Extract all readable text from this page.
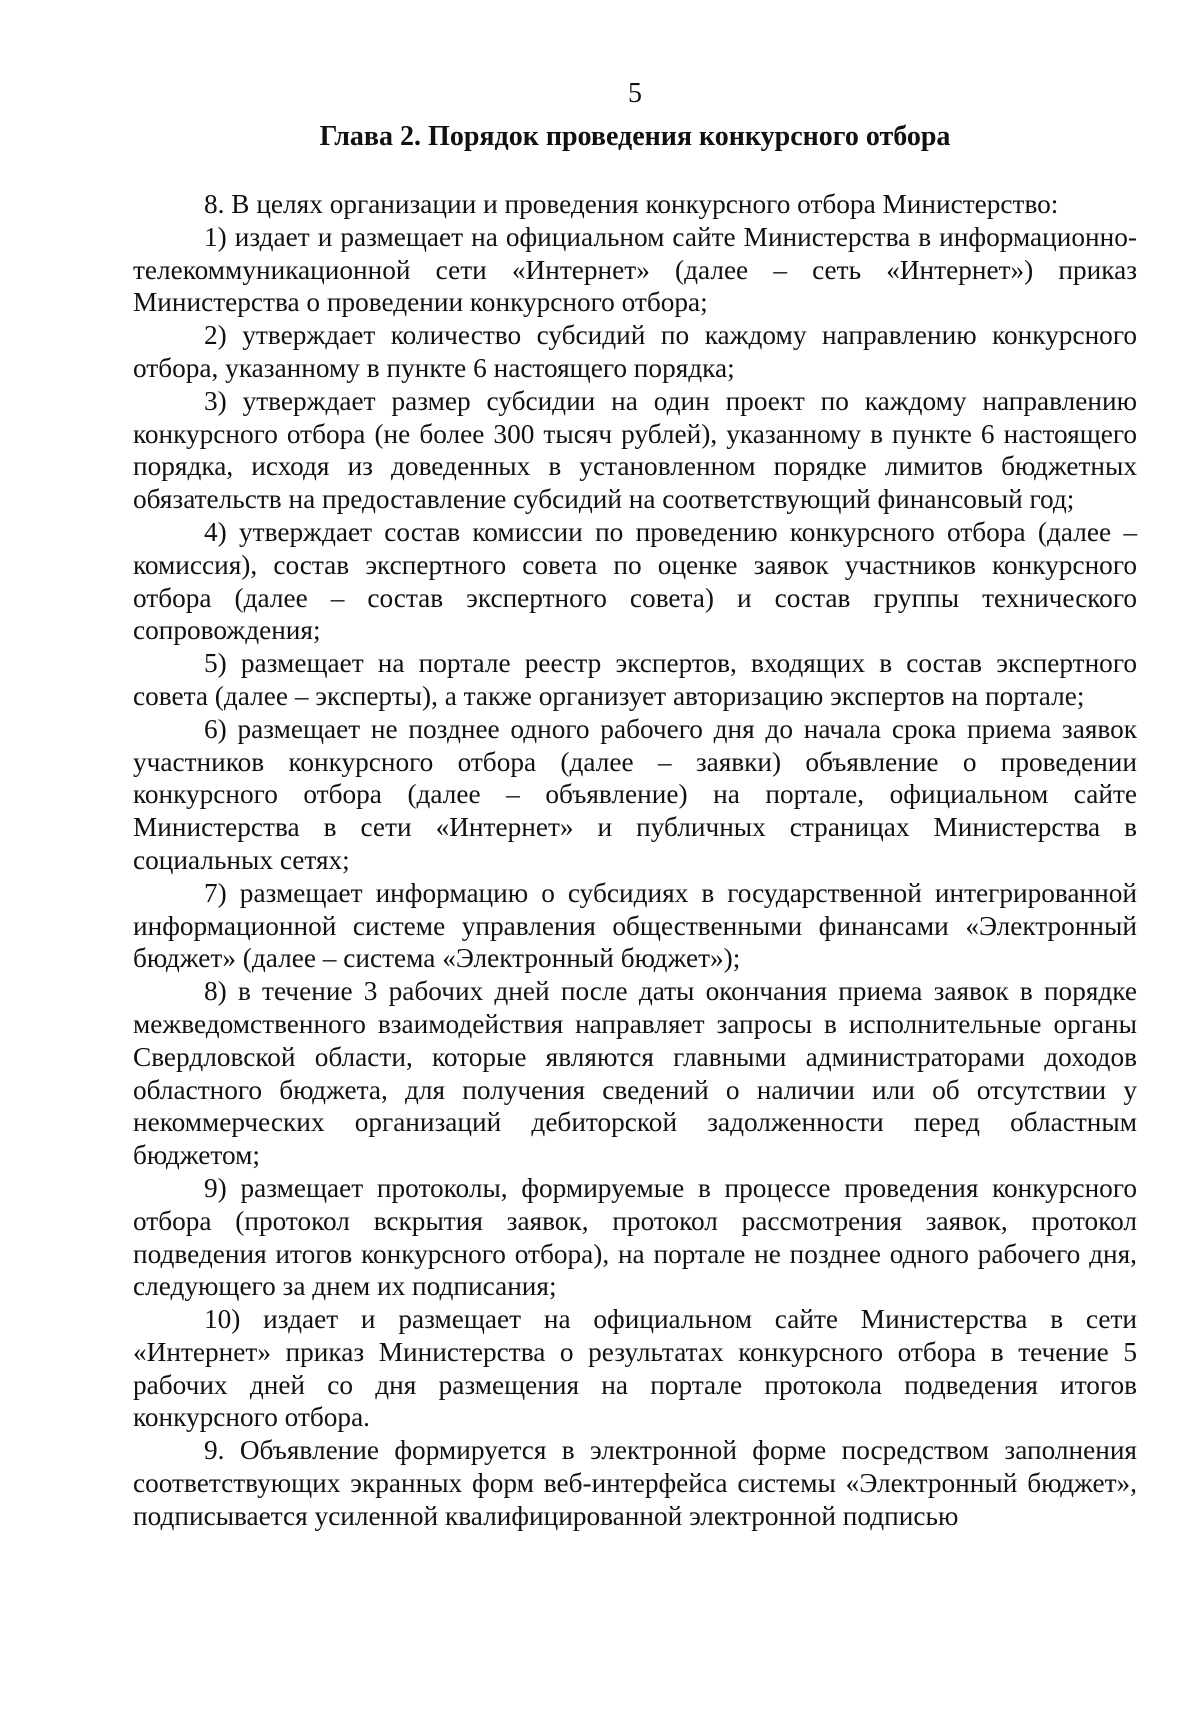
5
Глава 2. Порядок проведения конкурсного отбора

8. В целях организации и проведения конкурсного отбора Министерство:

1) издает и размещает на официальном сайте Министерства в информационно-телекоммуникационной сети «Интернет» (далее – сеть «Интернет») приказ Министерства о проведении конкурсного отбора;

2) утверждает количество субсидий по каждому направлению конкурсного отбора, указанному в пункте 6 настоящего порядка;

3) утверждает размер субсидии на один проект по каждому направлению конкурсного отбора (не более 300 тысяч рублей), указанному в пункте 6 настоящего порядка, исходя из доведенных в установленном порядке лимитов бюджетных обязательств на предоставление субсидий на соответствующий финансовый год;

4) утверждает состав комиссии по проведению конкурсного отбора (далее – комиссия), состав экспертного совета по оценке заявок участников конкурсного отбора (далее – состав экспертного совета) и состав группы технического сопровождения;

5) размещает на портале реестр экспертов, входящих в состав экспертного совета (далее – эксперты), а также организует авторизацию экспертов на портале;

6) размещает не позднее одного рабочего дня до начала срока приема заявок участников конкурсного отбора (далее – заявки) объявление о проведении конкурсного отбора (далее – объявление) на портале, официальном сайте Министерства в сети «Интернет» и публичных страницах Министерства в социальных сетях;

7) размещает информацию о субсидиях в государственной интегрированной информационной системе управления общественными финансами «Электронный бюджет» (далее – система «Электронный бюджет»);

8) в течение 3 рабочих дней после даты окончания приема заявок в порядке межведомственного взаимодействия направляет запросы в исполнительные органы Свердловской области, которые являются главными администраторами доходов областного бюджета, для получения сведений о наличии или об отсутствии у некоммерческих организаций дебиторской задолженности перед областным бюджетом;

9) размещает протоколы, формируемые в процессе проведения конкурсного отбора (протокол вскрытия заявок, протокол рассмотрения заявок, протокол подведения итогов конкурсного отбора), на портале не позднее одного рабочего дня, следующего за днем их подписания;

10) издает и размещает на официальном сайте Министерства в сети «Интернет» приказ Министерства о результатах конкурсного отбора в течение 5 рабочих дней со дня размещения на портале протокола подведения итогов конкурсного отбора.

9. Объявление формируется в электронной форме посредством заполнения соответствующих экранных форм веб-интерфейса системы «Электронный бюджет», подписывается усиленной квалифицированной электронной подписью
